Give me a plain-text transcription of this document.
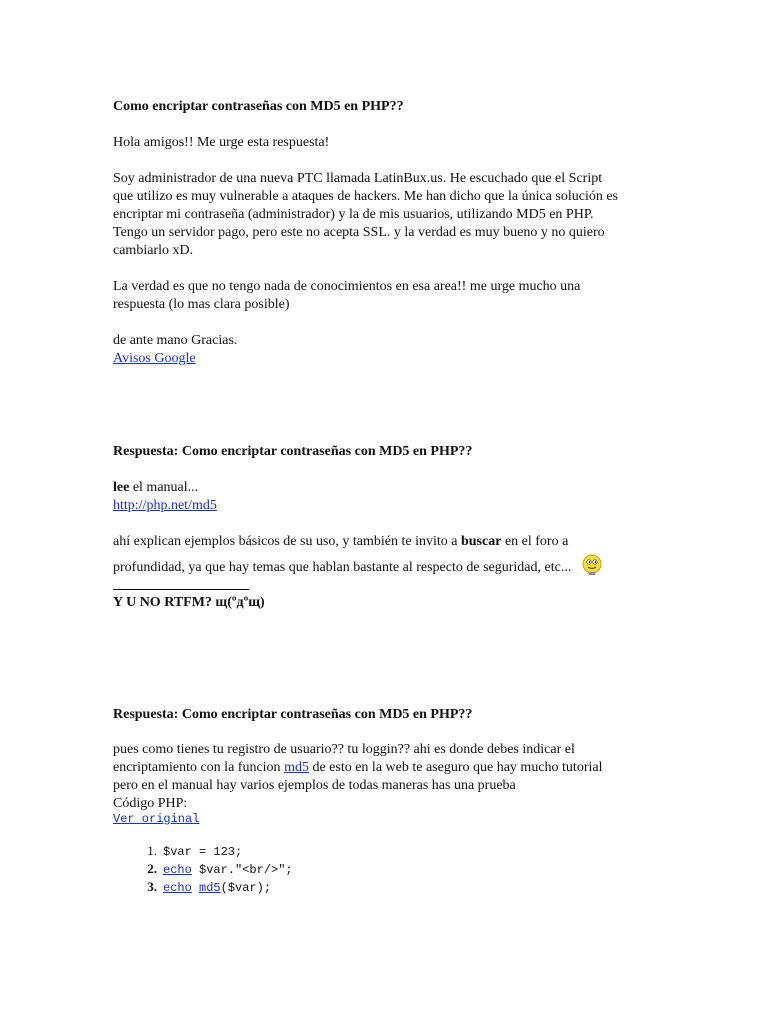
Como encriptar contraseñas con MD5 en PHP??
Hola amigos!! Me urge esta respuesta!
Soy administrador de una nueva PTC llamada LatinBux.us. He escuchado que el Script
que utilizo es muy vulnerable a ataques de hackers. Me han dicho que la única solución es
encriptar mi contraseña (administrador) y la de mis usuarios, utilizando MD5 en PHP.
Tengo un servidor pago, pero este no acepta SSL. y la verdad es muy bueno y no quiero
cambiarlo xD.
La verdad es que no tengo nada de conocimientos en esa area!! me urge mucho una
respuesta (lo mas clara posible)
de ante mano Gracias.
Avisos Google
Respuesta: Como encriptar contraseñas con MD5 en PHP??
lee el manual...
http://php.net/md5
ahí explican ejemplos básicos de su uso, y también te invito a buscar en el foro a
profundidad, ya que hay temas que hablan bastante al respecto de seguridad, etc...
Y U NO RTFM? щ(ºдºщ)
Respuesta: Como encriptar contraseñas con MD5 en PHP??
pues como tienes tu registro de usuario?? tu loggin?? ahi es donde debes indicar el
encriptamiento con la funcion md5 de esto en la web te aseguro que hay mucho tutorial
pero en el manual hay varios ejemplos de todas maneras has una prueba
Código PHP:
Ver original
1. $var = 123;
2. echo $var."<br/>";
3. echo md5($var);
